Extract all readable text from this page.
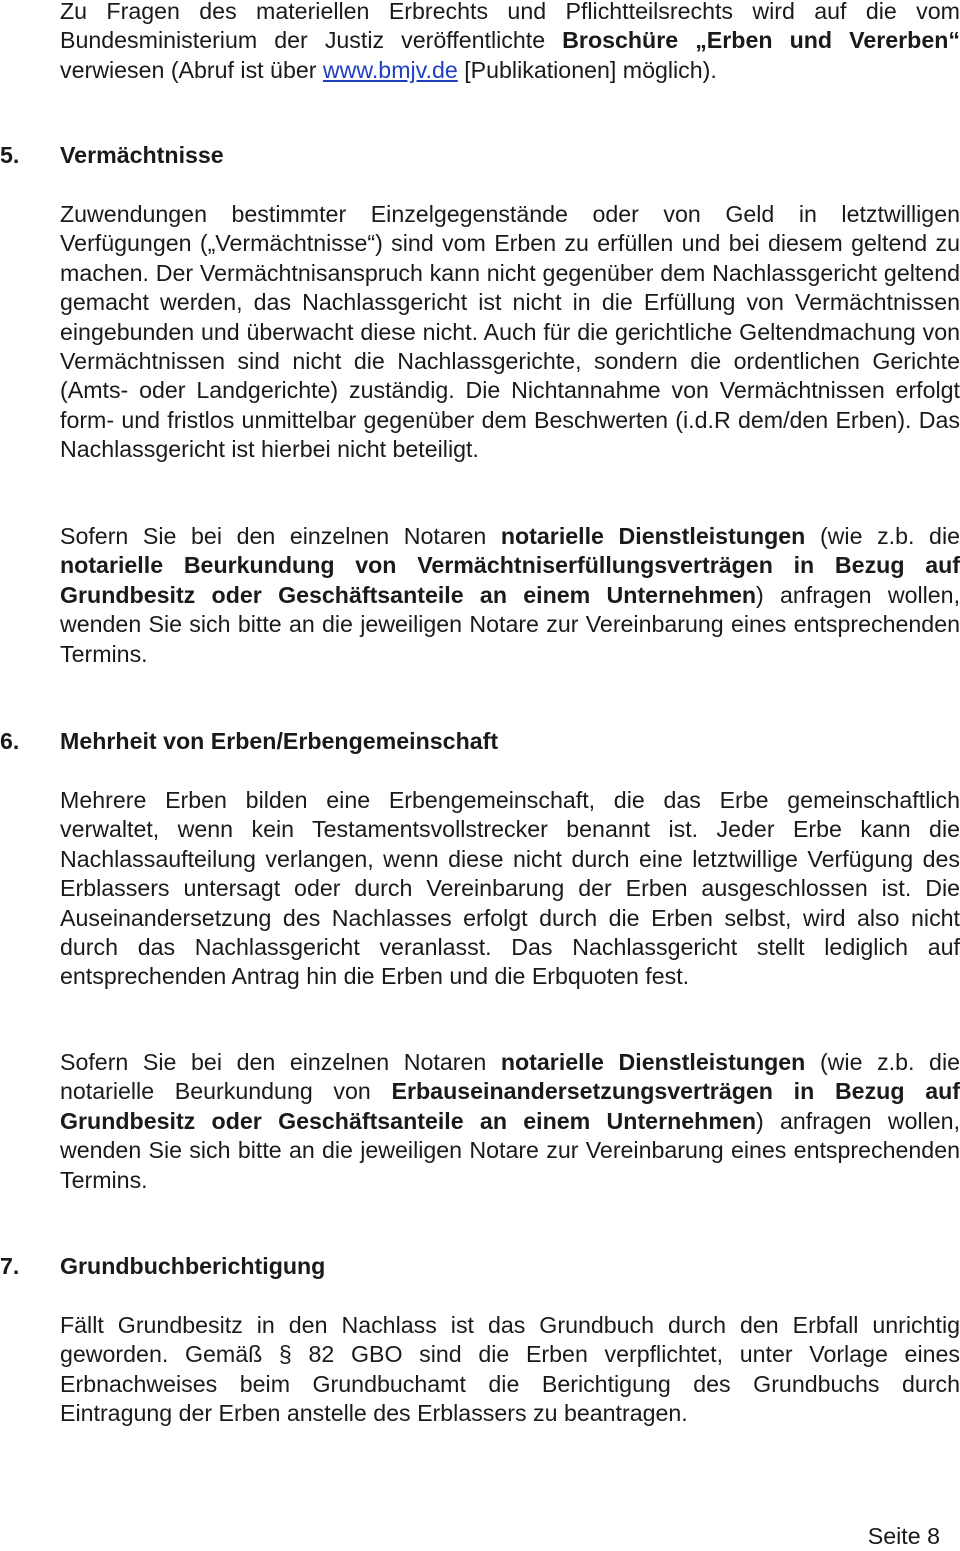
Zu Fragen des materiellen Erbrechts und Pflichtteilsrechts wird auf die vom Bundesministerium der Justiz veröffentlichte Broschüre „Erben und Vererben“ verwiesen (Abruf ist über www.bmjv.de [Publikationen] möglich).

5. Vermächtnisse

Zuwendungen bestimmter Einzelgegenstände oder von Geld in letztwilligen Verfügungen („Vermächtnisse“) sind vom Erben zu erfüllen und bei diesem geltend zu machen. Der Vermächtnisanspruch kann nicht gegenüber dem Nachlassgericht geltend gemacht werden, das Nachlassgericht ist nicht in die Erfüllung von Vermächtnissen eingebunden und überwacht diese nicht. Auch für die gerichtliche Geltendmachung von Vermächtnissen sind nicht die Nachlassgerichte, sondern die ordentlichen Gerichte (Amts- oder Landgerichte) zuständig. Die Nichtannahme von Vermächtnissen erfolgt form- und fristlos unmittelbar gegenüber dem Beschwerten (i.d.R dem/den Erben). Das Nachlassgericht ist hierbei nicht beteiligt.

Sofern Sie bei den einzelnen Notaren notarielle Dienstleistungen (wie z.b. die notarielle Beurkundung von Vermächtniserfüllungsverträgen in Bezug auf Grundbesitz oder Geschäftsanteile an einem Unternehmen) anfragen wollen, wenden Sie sich bitte an die jeweiligen Notare zur Vereinbarung eines entsprechenden Termins.

6. Mehrheit von Erben/Erbengemeinschaft

Mehrere Erben bilden eine Erbengemeinschaft, die das Erbe gemeinschaftlich verwaltet, wenn kein Testamentsvollstrecker benannt ist. Jeder Erbe kann die Nachlassaufteilung verlangen, wenn diese nicht durch eine letztwillige Verfügung des Erblassers untersagt oder durch Vereinbarung der Erben ausgeschlossen ist. Die Auseinandersetzung des Nachlasses erfolgt durch die Erben selbst, wird also nicht durch das Nachlassgericht veranlasst. Das Nachlassgericht stellt lediglich auf entsprechenden Antrag hin die Erben und die Erbquoten fest.

Sofern Sie bei den einzelnen Notaren notarielle Dienstleistungen (wie z.b. die notarielle Beurkundung von Erbauseinandersetzungsverträgen in Bezug auf Grundbesitz oder Geschäftsanteile an einem Unternehmen) anfragen wollen, wenden Sie sich bitte an die jeweiligen Notare zur Vereinbarung eines entsprechenden Termins.

7. Grundbuchberichtigung

Fällt Grundbesitz in den Nachlass ist das Grundbuch durch den Erbfall unrichtig geworden. Gemäß § 82 GBO sind die Erben verpflichtet, unter Vorlage eines Erbnachweises beim Grundbuchamt die Berichtigung des Grundbuchs durch Eintragung der Erben anstelle des Erblassers zu beantragen.

Seite 8
